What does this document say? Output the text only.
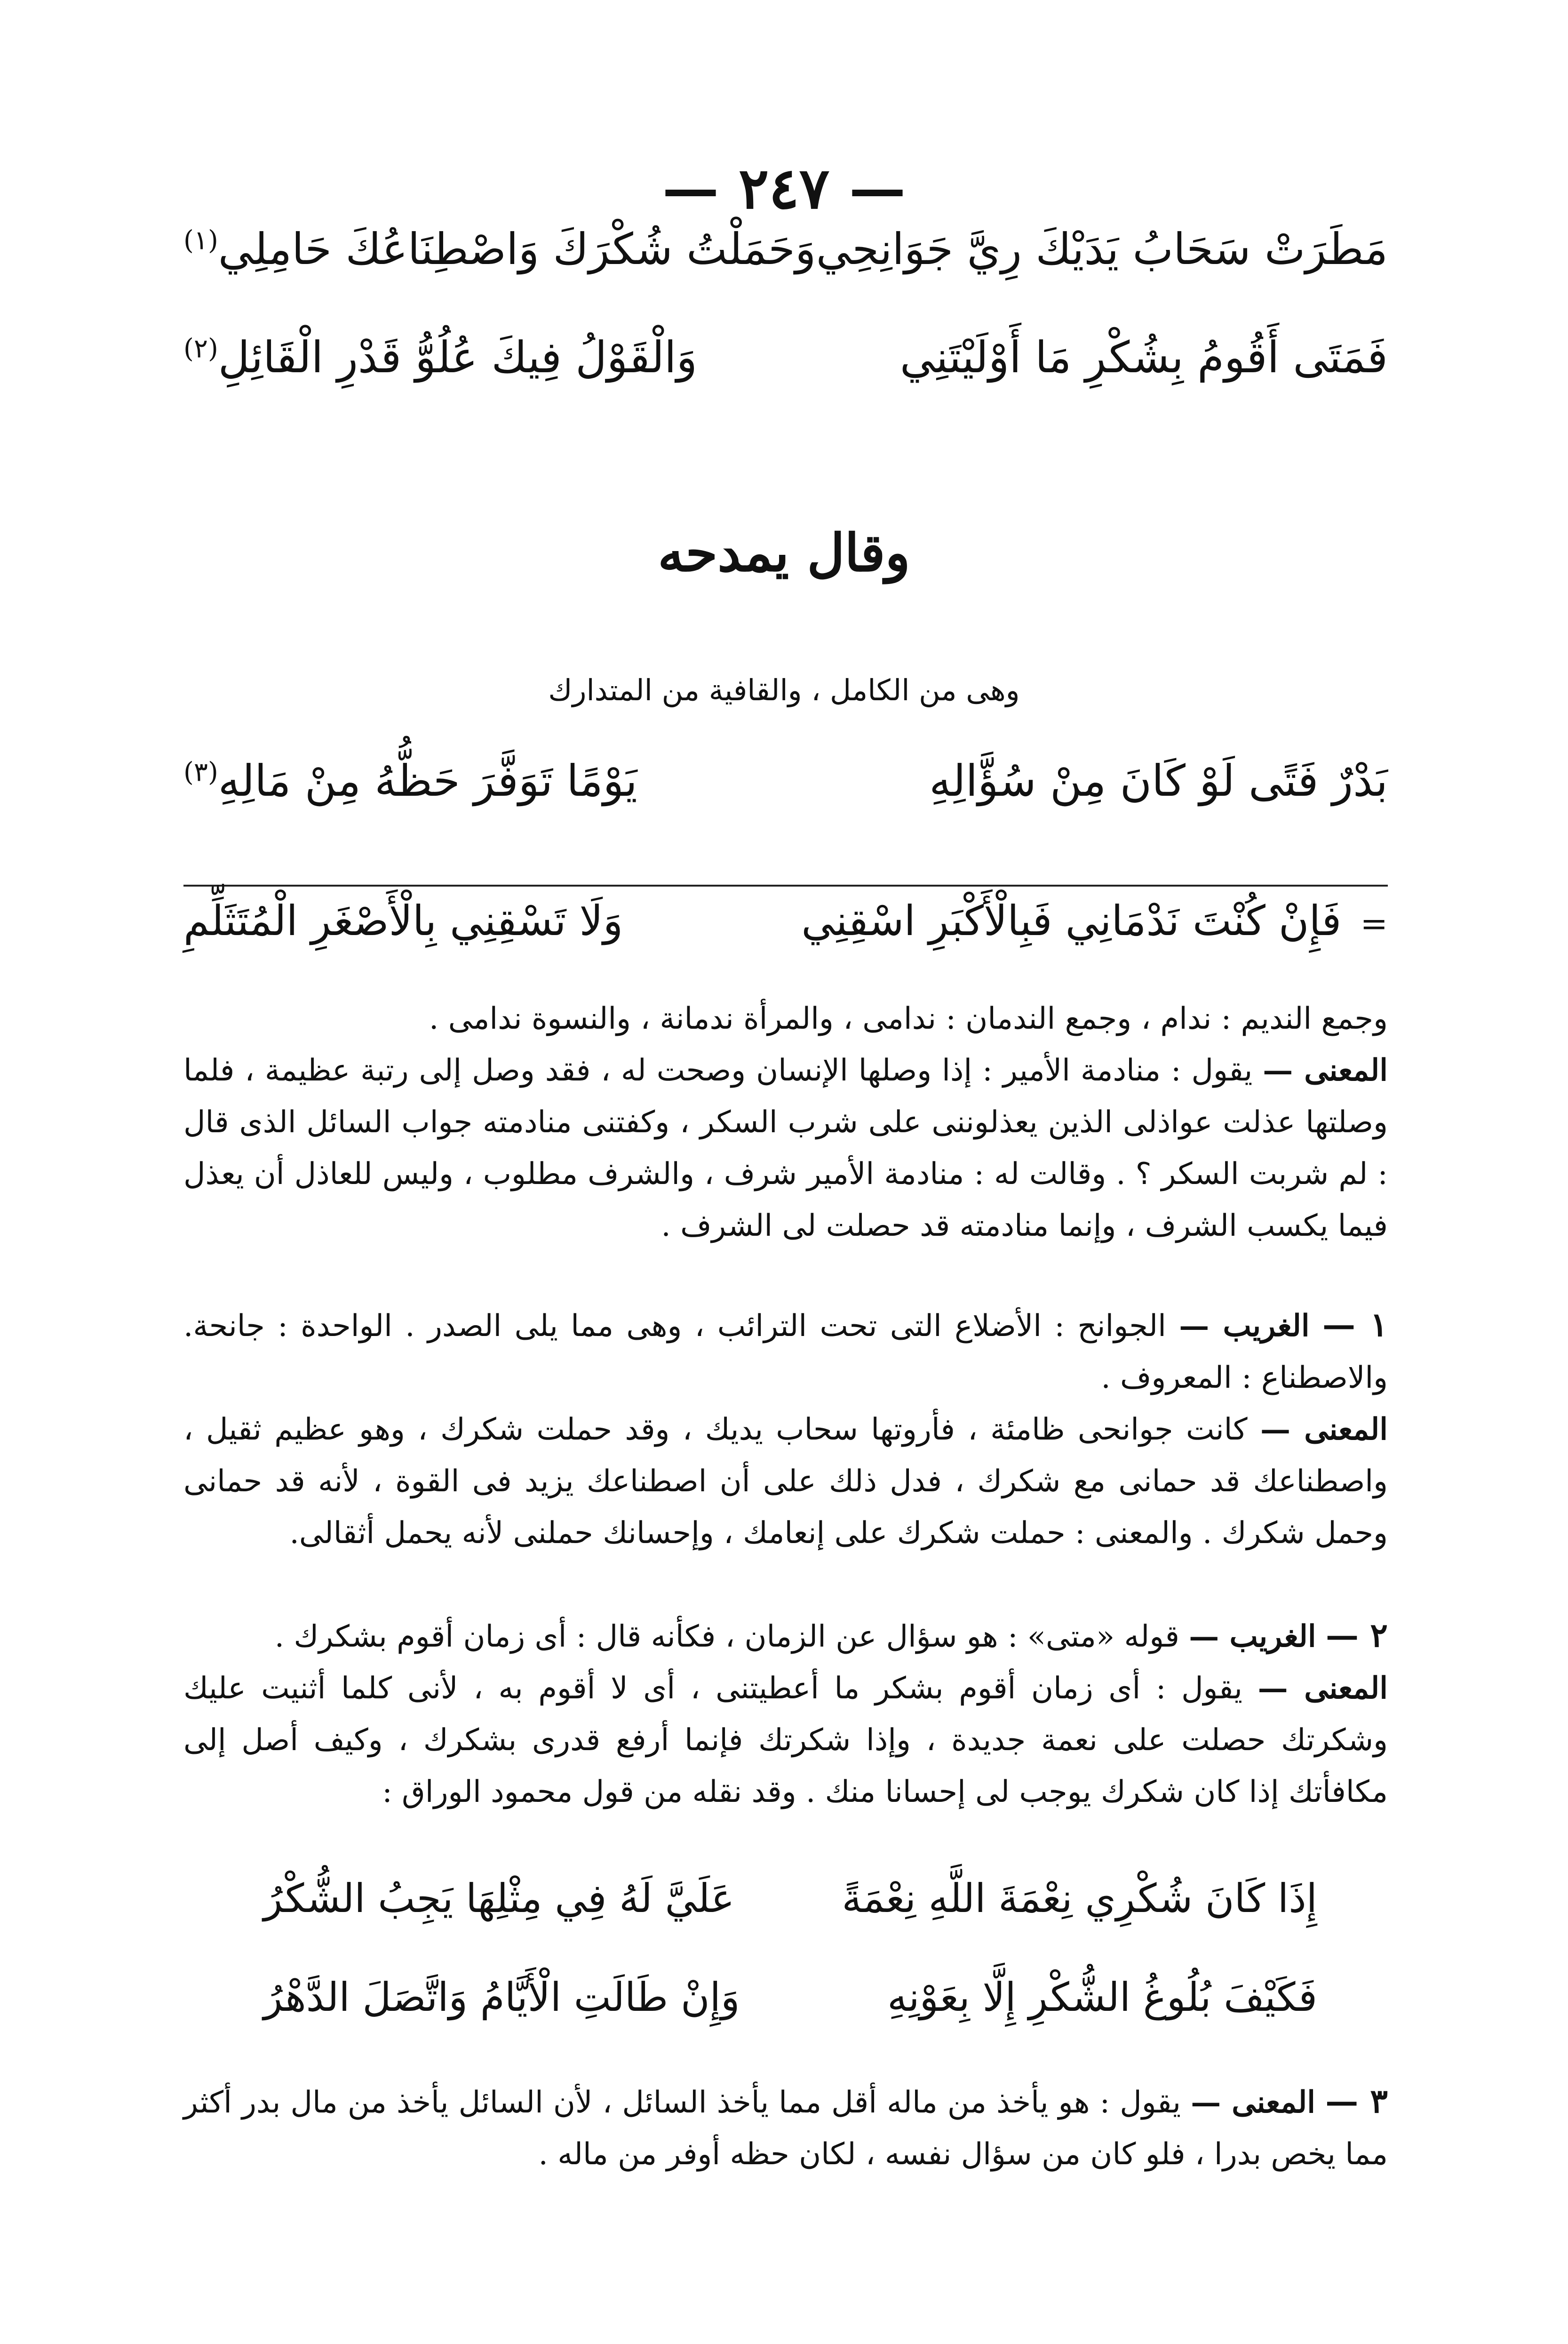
— ٢٤٧ —
مَطَرَتْ سَحَابُ يَدَيْكَ رِيَّ جَوَانِحِي
وَحَمَلْتُ شُكْرَكَ وَاصْطِنَاعُكَ حَامِلِي$^{(١)}$
فَمَتَى أَقُومُ بِشُكْرِ مَا أَوْلَيْتَنِي
وَالْقَوْلُ فِيكَ عُلُوُّ قَدْرِ الْقَائِلِ$^{(٢)}$
وقال يمدحه
وهى من الكامل ، والقافية من المتدارك
بَدْرٌ فَتًى لَوْ كَانَ مِنْ سُؤَّالِهِ
يَوْمًا تَوَفَّرَ حَظُّهُ مِنْ مَالِهِ$^{(٣)}$
=فَإِنْ كُنْتَ نَدْمَانِي فَبِالْأَكْبَرِ اسْقِنِي
وَلَا تَسْقِنِي بِالْأَصْغَرِ الْمُتَثَلِّمِ

وجمع النديم : ندام ، وجمع الندمان : ندامى ، والمرأة ندمانة ، والنسوة ندامى .

المعنى — يقول : منادمة الأمير : إذا وصلها الإنسان وصحت له ، فقد وصل إلى رتبة عظيمة ، فلما وصلتها عذلت عواذلى الذين يعذلوننى على شرب السكر ، وكفتنى منادمته جواب السائل الذى قال : لم شربت السكر ؟ . وقالت له : منادمة الأمير شرف ، والشرف مطلوب ، وليس للعاذل أن يعذل فيما يكسب الشرف ، وإنما منادمته قد حصلت لى الشرف .

١ — الغريب — الجوانح : الأضلاع التى تحت الترائب ، وهى مما يلى الصدر . الواحدة : جانحة. والاصطناع : المعروف .

المعنى — كانت جوانحى ظامئة ، فأروتها سحاب يديك ، وقد حملت شكرك ، وهو عظيم ثقيل ، واصطناعك قد حمانى مع شكرك ، فدل ذلك على أن اصطناعك يزيد فى القوة ، لأنه قد حمانى وحمل شكرك . والمعنى : حملت شكرك على إنعامك ، وإحسانك حملنى لأنه يحمل أثقالى.

٢ — الغريب — قوله «متى» : هو سؤال عن الزمان ، فكأنه قال : أى زمان أقوم بشكرك .

المعنى — يقول : أى زمان أقوم بشكر ما أعطيتنى ، أى لا أقوم به ، لأنى كلما أثنيت عليك وشكرتك حصلت على نعمة جديدة ، وإذا شكرتك فإنما أرفع قدرى بشكرك ، وكيف أصل إلى مكافأتك إذا كان شكرك يوجب لى إحسانا منك . وقد نقله من قول محمود الوراق :

إِذَا كَانَ شُكْرِي نِعْمَةَ اللَّهِ نِعْمَةً
عَلَيَّ لَهُ فِي مِثْلِهَا يَجِبُ الشُّكْرُ
فَكَيْفَ بُلُوغُ الشُّكْرِ إِلَّا بِعَوْنِهِ
وَإِنْ طَالَتِ الْأَيَّامُ وَاتَّصَلَ الدَّهْرُ

٣ — المعنى — يقول : هو يأخذ من ماله أقل مما يأخذ السائل ، لأن السائل يأخذ من مال بدر أكثر مما يخص بدرا ، فلو كان من سؤال نفسه ، لكان حظه أوفر من ماله .
